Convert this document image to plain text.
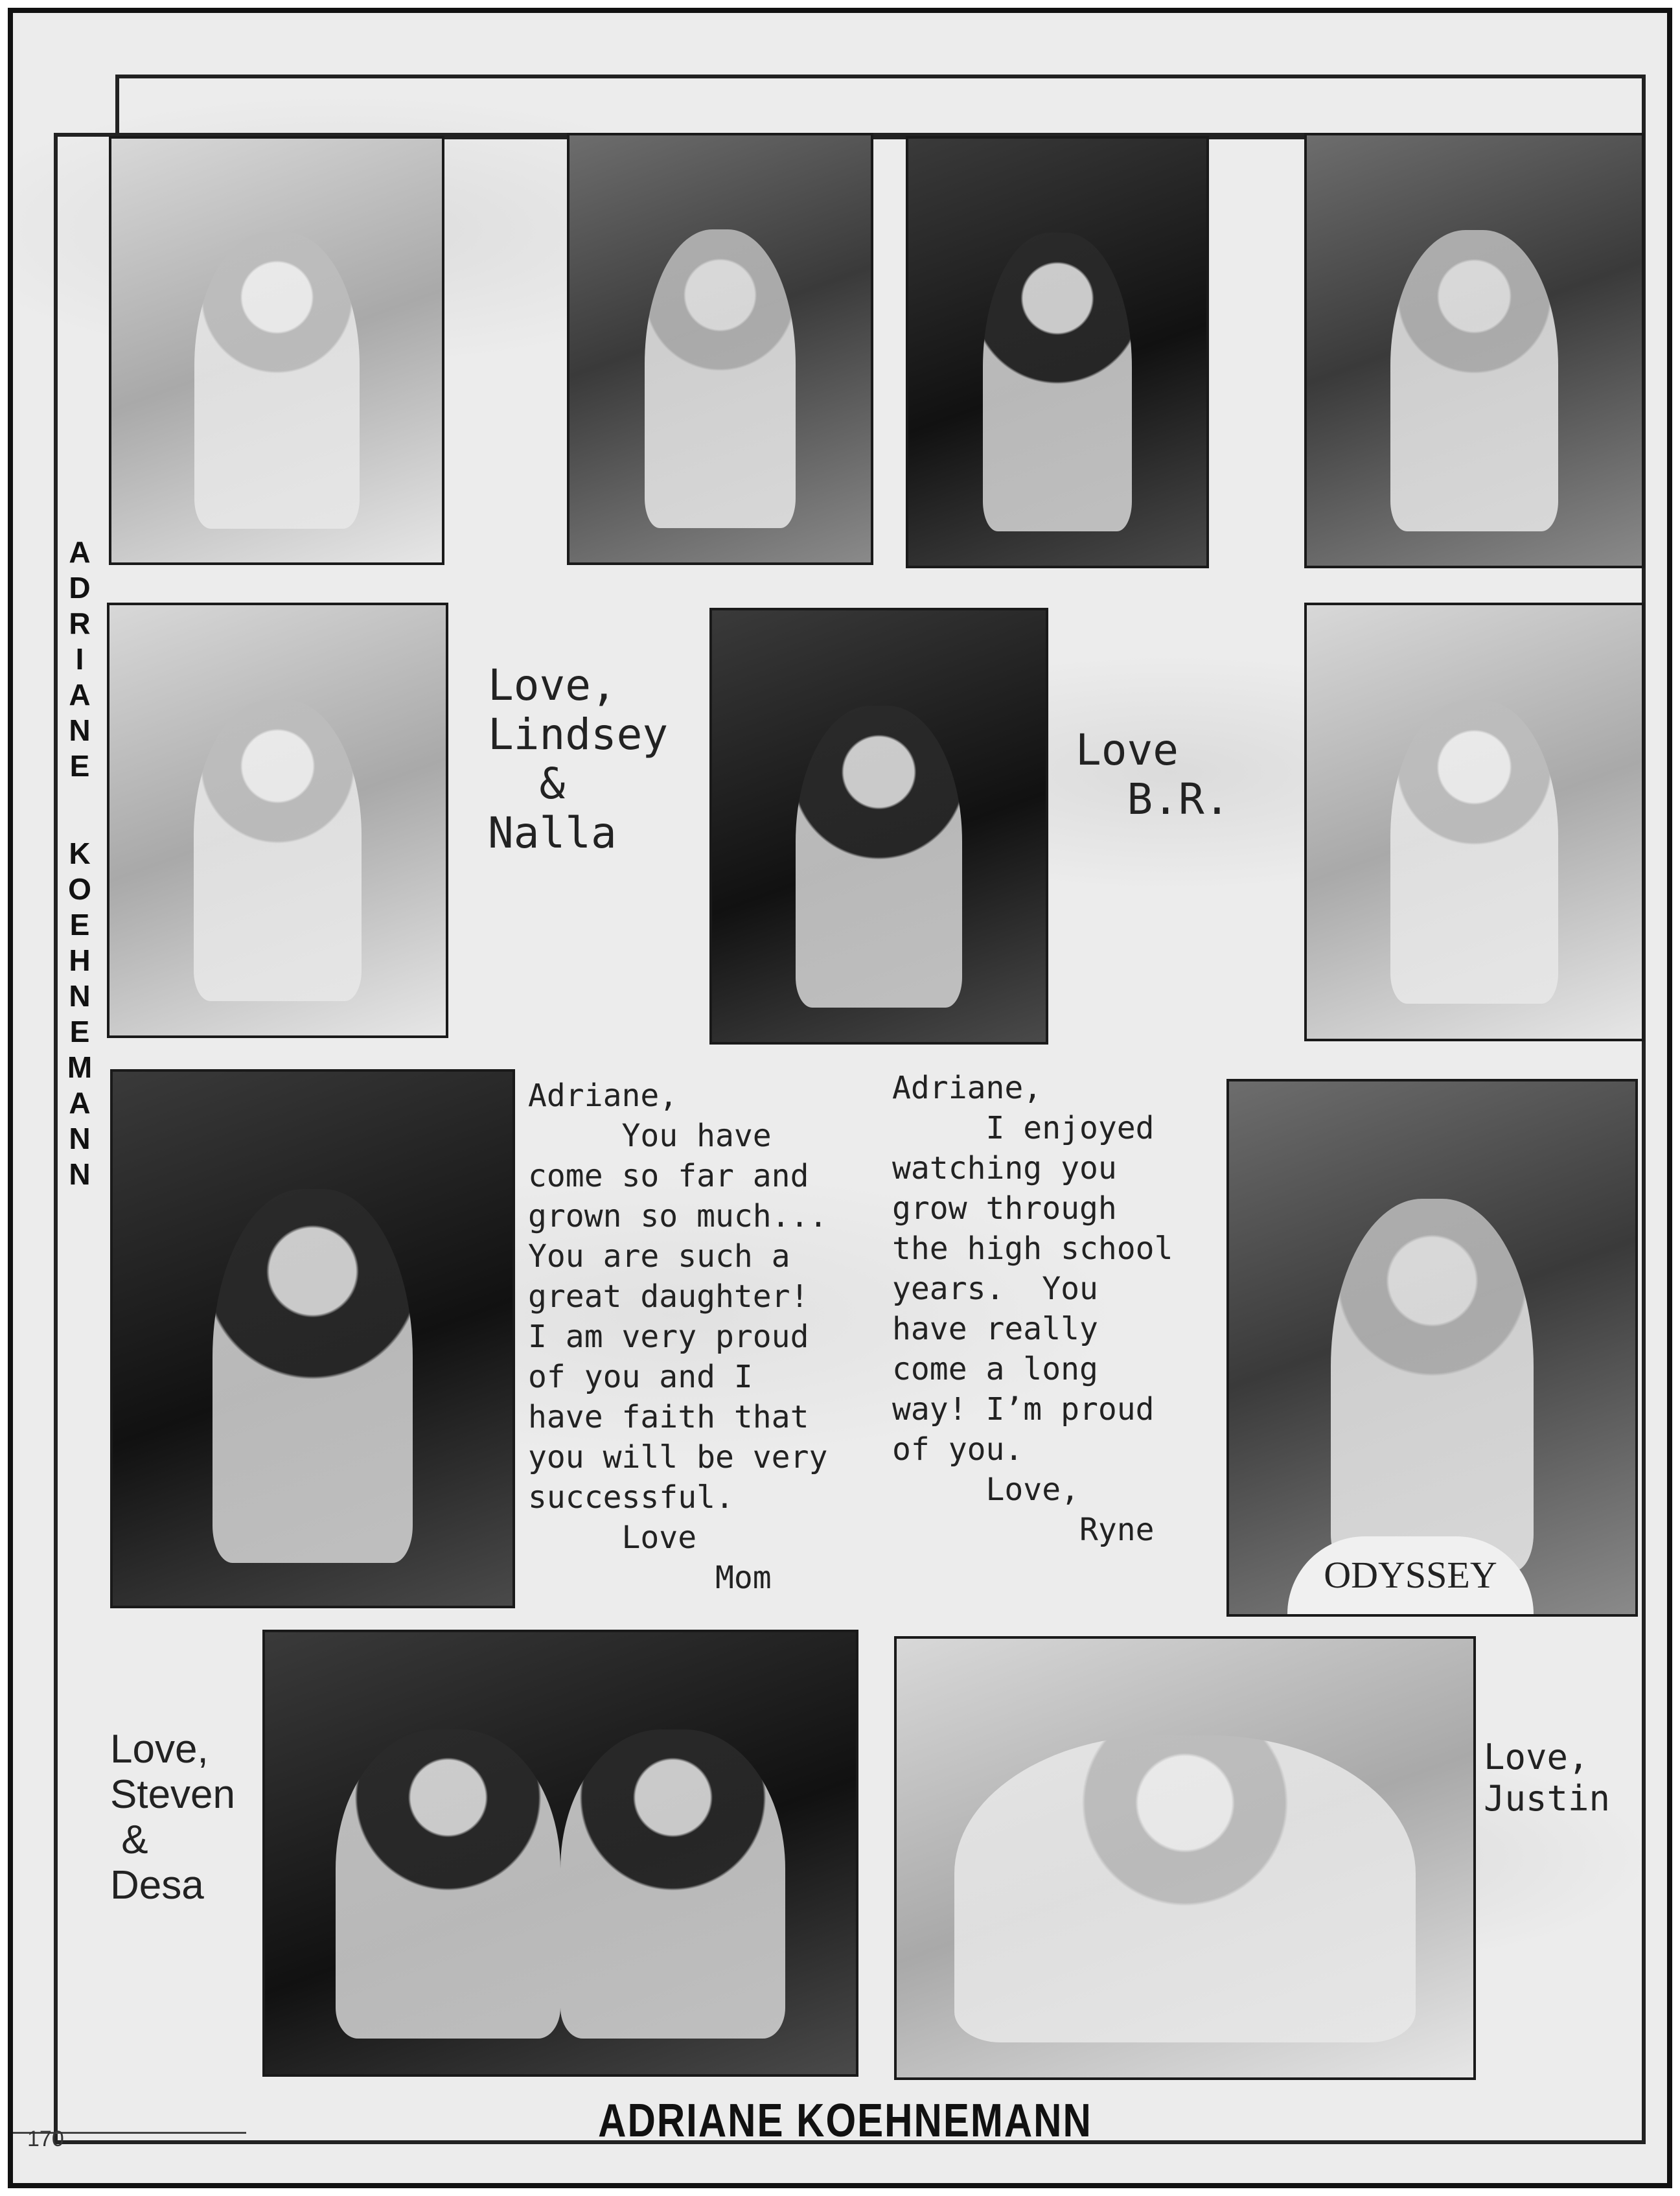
A
D
R
I
A
N
E
K
O
E
H
N
E
M
A
N
N
Love,
Lindsey
&
Nalla
Love
B.R.
Adriane,
You have
come so far and
grown so much...
You are such a
great daughter!
I am very proud
of you and I
have faith that
you will be very
successful.
Love
Mom
Adriane,
I enjoyed
watching you
grow through
the high school
years.  You
have really
come a long
way! I’m proud
of you.
Love,
Ryne
ODYSSEY
Love,
Steven
&
Desa
Love,
Justin
ADRIANE KOEHNEMANN
170
